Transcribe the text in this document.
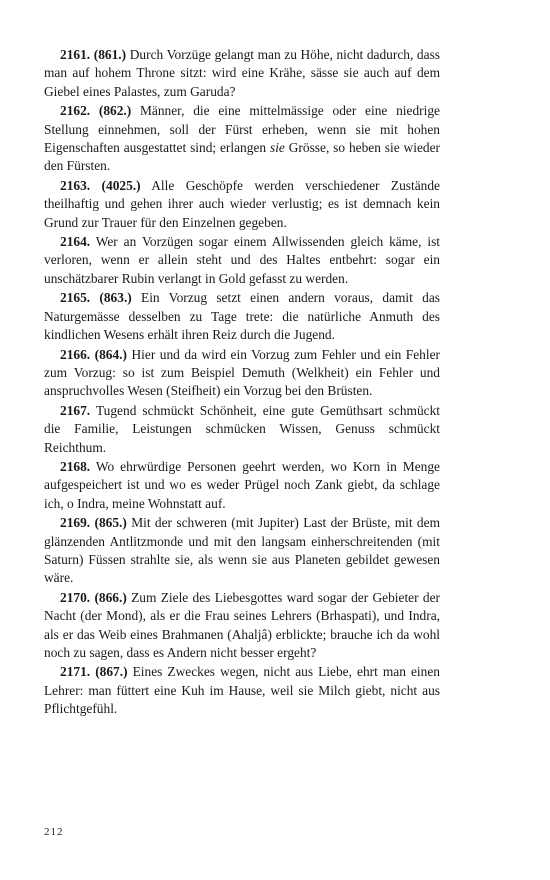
2161. (861.) Durch Vorzüge gelangt man zu Höhe, nicht dadurch, dass man auf hohem Throne sitzt: wird eine Krähe, sässe sie auch auf dem Giebel eines Palastes, zum Garuda?

2162. (862.) Männer, die eine mittelmässige oder eine niedrige Stellung einnehmen, soll der Fürst erheben, wenn sie mit hohen Eigenschaften ausgestattet sind; erlangen sie Grösse, so heben sie wieder den Fürsten.

2163. (4025.) Alle Geschöpfe werden verschiedener Zustände theilhaftig und gehen ihrer auch wieder verlustig; es ist demnach kein Grund zur Trauer für den Einzelnen gegeben.

2164. Wer an Vorzügen sogar einem Allwissenden gleich käme, ist verloren, wenn er allein steht und des Haltes entbehrt: sogar ein unschätzbarer Rubin verlangt in Gold gefasst zu werden.

2165. (863.) Ein Vorzug setzt einen andern voraus, damit das Naturgemässe desselben zu Tage trete: die natürliche Anmuth des kindlichen Wesens erhält ihren Reiz durch die Jugend.

2166. (864.) Hier und da wird ein Vorzug zum Fehler und ein Fehler zum Vorzug: so ist zum Beispiel Demuth (Welkheit) ein Fehler und anspruchvolles Wesen (Steifheit) ein Vorzug bei den Brüsten.

2167. Tugend schmückt Schönheit, eine gute Gemüthsart schmückt die Familie, Leistungen schmücken Wissen, Genuss schmückt Reichthum.

2168. Wo ehrwürdige Personen geehrt werden, wo Korn in Menge aufgespeichert ist und wo es weder Prügel noch Zank giebt, da schlage ich, o Indra, meine Wohnstatt auf.

2169. (865.) Mit der schweren (mit Jupiter) Last der Brüste, mit dem glänzenden Antlitzmonde und mit den langsam einherschreitenden (mit Saturn) Füssen strahlte sie, als wenn sie aus Planeten gebildet gewesen wäre.

2170. (866.) Zum Ziele des Liebesgottes ward sogar der Gebieter der Nacht (der Mond), als er die Frau seines Lehrers (Brhaspati), und Indra, als er das Weib eines Brahmanen (Ahaljâ) erblickte; brauche ich da wohl noch zu sagen, dass es Andern nicht besser ergeht?

2171. (867.) Eines Zweckes wegen, nicht aus Liebe, ehrt man einen Lehrer: man füttert eine Kuh im Hause, weil sie Milch giebt, nicht aus Pflichtgefühl.

212
